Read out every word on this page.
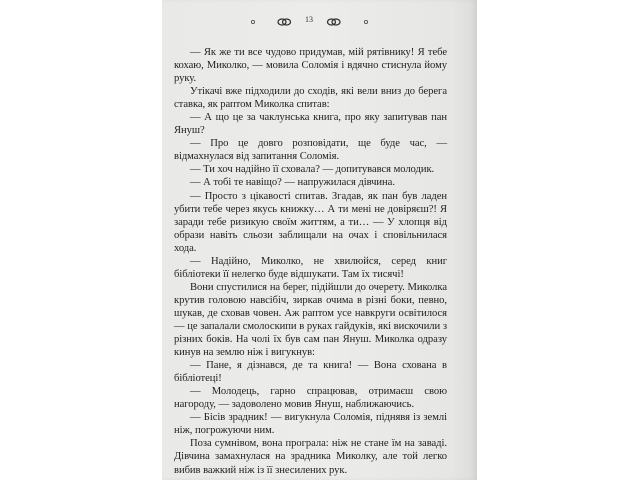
13

— Як же ти все чудово придумав, мій рятівнику! Я тебе кохаю, Миколко, — мовила Соломія і вдячно стиснула йому руку.

Утікачі вже підходили до сходів, які вели вниз до берега ставка, як раптом Миколка спитав:

— А що це за чаклунська книга, про яку запитував пан Януш?

— Про це довго розповідати, ще буде час, — відмахнулася від запитання Соломія.

— Ти хоч надійно її сховала? — допитувався молодик.

— А тобі те навіщо? — напружилася дівчина.

— Просто з цікавості спитав. Згадав, як пан був ладен убити тебе через якусь книжку… А ти мені не довіряєш?! Я заради тебе ризикую своїм життям, а ти… — У хлопця від образи навіть сльози заблищали на очах і сповільнилася хода.

— Надійно, Миколко, не хвилюйся, серед книг бібліотеки її нелегко буде відшукати. Там їх тисячі!

Вони спустилися на берег, підійшли до очерету. Миколка крутив головою навсібіч, зиркав очима в різні боки, певно, шукав, де сховав човен. Аж раптом усе навкруги освітилося — це запалали смолоскипи в руках гайдуків, які вискочили з різних боків. На чолі їх був сам пан Януш. Миколка одразу кинув на землю ніж і вигукнув:

— Пане, я дізнався, де та книга! — Вона схована в бібліотеці!

— Молодець, гарно спрацював, отримаєш свою нагороду, — задоволено мовив Януш, наближаючись.

— Бісів зрадник! — вигукнула Соломія, піднявя із землі ніж, погрожуючи ним.

Поза сумнівом, вона програла: ніж не стане їм на заваді. Дівчина замахнулася на зрадника Миколку, але той легко вибив важкий ніж із її знесилених рук.
